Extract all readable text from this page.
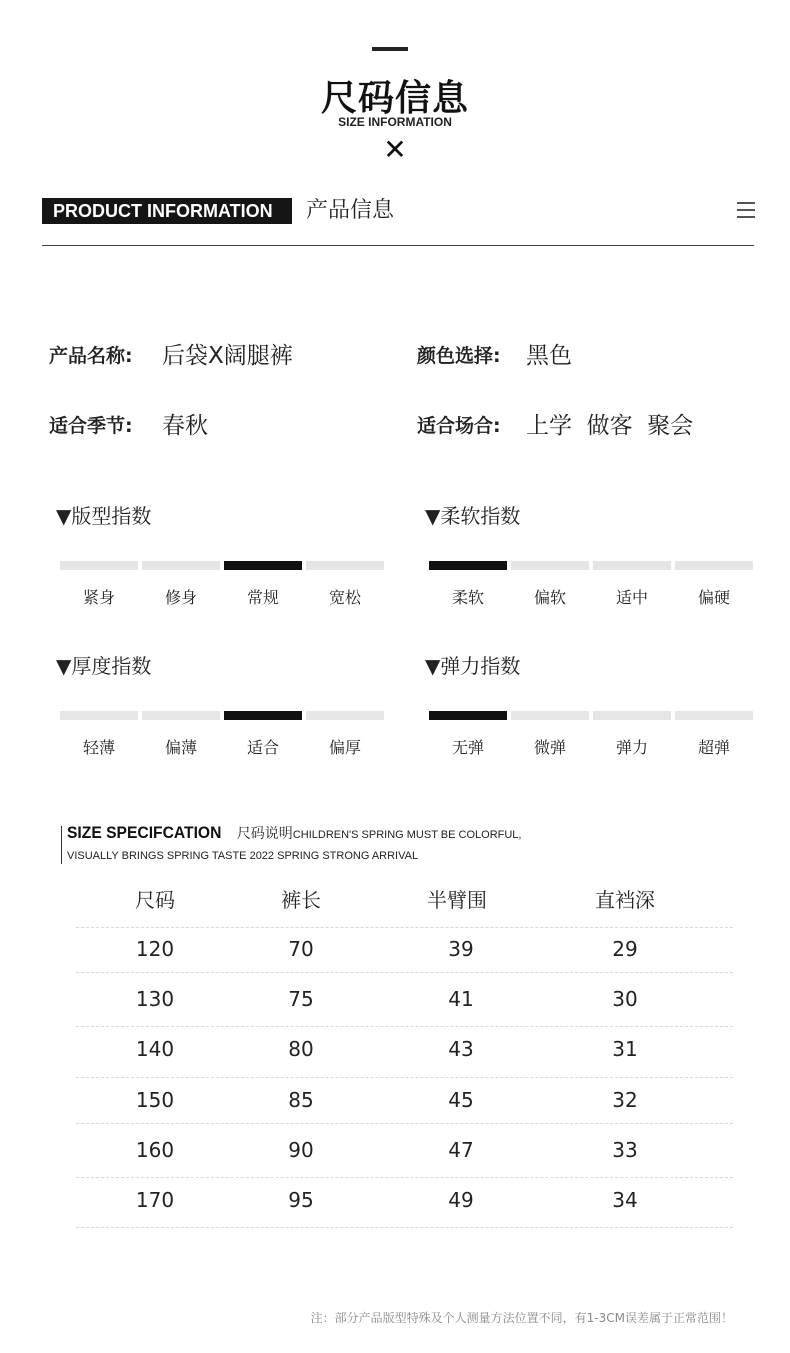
尺码信息
SIZE INFORMATION
✕
PRODUCT INFORMATION	产品信息
产品名称: 后袋X阔腿裤	颜色选择: 黑色
适合季节: 春秋	适合场合: 上学  做客  聚会
▼版型指数	▼柔软指数
▼厚度指数	▼弹力指数
紧身	修身	常规	宽松	柔软	偏软	适中	偏硬
轻薄	偏薄	适合	偏厚	无弹	微弹	弹力	超弹
SIZE SPECIFCATION 尺码说明CHILDREN'S SPRING MUST BE COLORFUL,
VISUALLY BRINGS SPRING TASTE 2022 SPRING STRONG ARRIVAL
尺码	裤长	半臂围	直裆深
120	70	39	29
130	75	41	30
140	80	43	31
150	85	45	32
160	90	47	33
170	95	49	34
注：部分产品版型特殊及个人测量方法位置不同，有1-3CM误差属于正常范围！
